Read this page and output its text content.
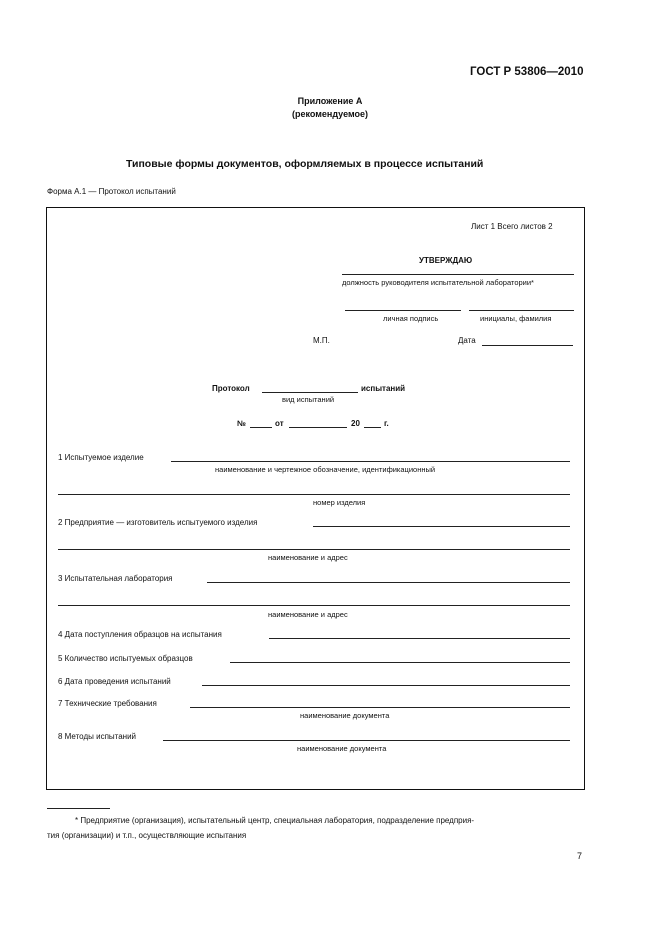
ГОСТ Р 53806—2010
Приложение А
(рекомендуемое)
Типовые формы документов, оформляемых в процессе испытаний
Форма А.1 — Протокол испытаний
Лист 1 Всего листов 2
УТВЕРЖДАЮ
должность руководителя испытательной лаборатории*
личная подпись	инициалы, фамилия
М.П.	Дата
Протокол	испытаний
вид испытаний
№	от	20	г.
1 Испытуемое изделие
наименование и чертежное обозначение, идентификационный
номер изделия
2 Предприятие — изготовитель испытуемого изделия
наименование и адрес
3 Испытательная лаборатория
наименование и адрес
4 Дата поступления образцов на испытания
5 Количество испытуемых образцов
6 Дата проведения испытаний
7 Технические требования
наименование документа
8 Методы испытаний
наименование документа
* Предприятие (организация), испытательный центр, специальная лаборатория, подразделение предприя-
тия (организации) и т.п., осуществляющие испытания
7
